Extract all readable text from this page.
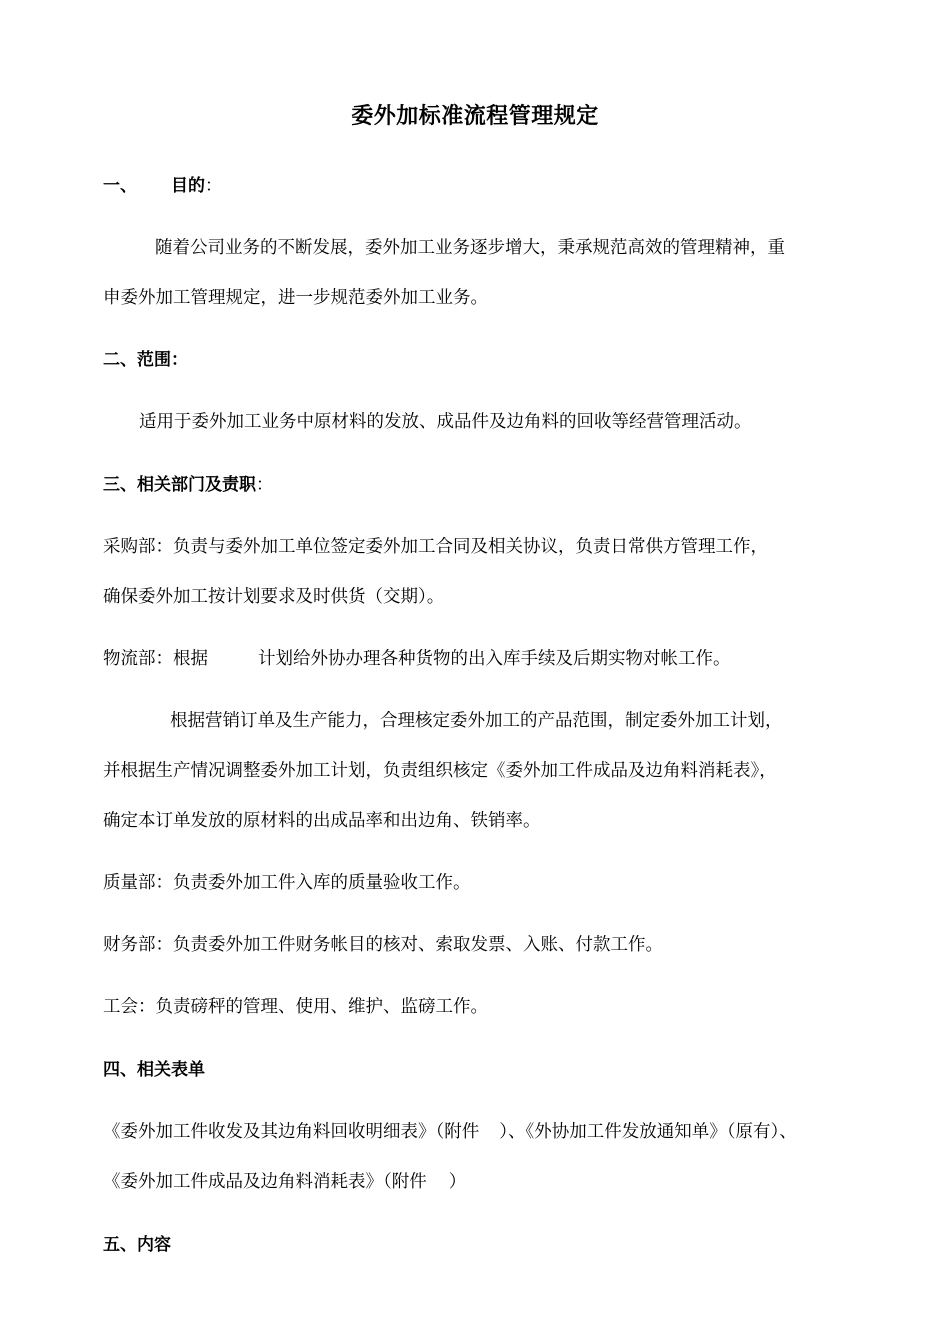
委外加标准流程管理规定
一、 目的：
随着公司业务的不断发展，委外加工业务逐步增大，秉承规范高效的管理精神，重
申委外加工管理规定，进一步规范委外加工业务。
二、范围：
适用于委外加工业务中原材料的发放、成品件及边角料的回收等经营管理活动。
三、相关部门及责职：
采购部：负责与委外加工单位签定委外加工合同及相关协议，负责日常供方管理工作，
确保委外加工按计划要求及时供货（交期）。
物流部：根据	计划给外协办理各种货物的出入库手续及后期实物对帐工作。
根据营销订单及生产能力，合理核定委外加工的产品范围，制定委外加工计划，
并根据生产情况调整委外加工计划，负责组织核定《委外加工件成品及边角料消耗表》，
确定本订单发放的原材料的出成品率和出边角、铁销率。
质量部：负责委外加工件入库的质量验收工作。
财务部：负责委外加工件财务帐目的核对、索取发票、入账、付款工作。
工会：负责磅秤的管理、使用、维护、监磅工作。
四、相关表单
《委外加工件收发及其边角料回收明细表》（附件 ）、《外协加工件发放通知单》（原有）、
《委外加工件成品及边角料消耗表》（附件 ）
五、内容
